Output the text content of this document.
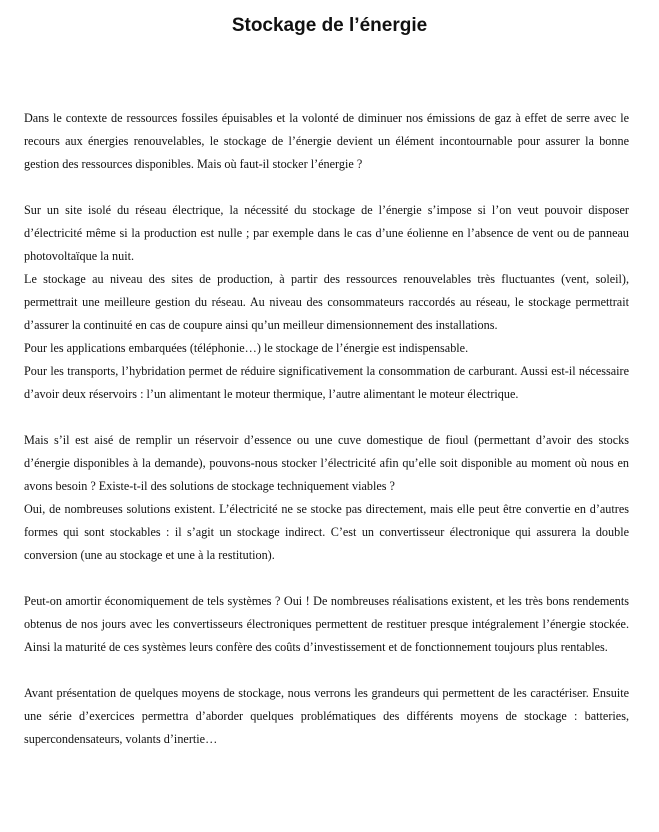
Stockage de l’énergie

Dans le contexte de ressources fossiles épuisables et la volonté de diminuer nos émissions de gaz à effet de serre avec le recours aux énergies renouvelables, le stockage de l’énergie devient un élément incontournable pour assurer la bonne gestion des ressources disponibles. Mais où faut-il stocker l’énergie ?

Sur un site isolé du réseau électrique, la nécessité du stockage de l’énergie s’impose si l’on veut pouvoir disposer d’électricité même si la production est nulle ; par exemple dans le cas d’une éolienne en l’absence de vent ou de panneau photovoltaïque la nuit.

Le stockage au niveau des sites de production, à partir des ressources renouvelables très fluctuantes (vent, soleil), permettrait une meilleure gestion du réseau. Au niveau des consommateurs raccordés au réseau, le stockage permettrait d’assurer la continuité en cas de coupure ainsi qu’un meilleur dimensionnement des installations.

Pour les applications embarquées (téléphonie…) le stockage de l’énergie est indispensable.

Pour les transports, l’hybridation permet de réduire significativement la consommation de carburant. Aussi est-il nécessaire d’avoir deux réservoirs : l’un alimentant le moteur thermique, l’autre alimentant le moteur électrique.

Mais s’il est aisé de remplir un réservoir d’essence ou une cuve domestique de fioul (permettant d’avoir des stocks d’énergie disponibles à la demande), pouvons-nous stocker l’électricité afin qu’elle soit disponible au moment où nous en avons besoin ? Existe-t-il des solutions de stockage techniquement viables ?

Oui, de nombreuses solutions existent. L’électricité ne se stocke pas directement, mais elle peut être convertie en d’autres formes qui sont stockables : il s’agit un stockage indirect. C’est un convertisseur électronique qui assurera la double conversion (une au stockage et une à la restitution).

Peut-on amortir économiquement de tels systèmes ? Oui ! De nombreuses réalisations existent, et les très bons rendements obtenus de nos jours avec les convertisseurs électroniques permettent de restituer presque intégralement l’énergie stockée. Ainsi la maturité de ces systèmes leurs confère des coûts d’investissement et de fonctionnement toujours plus rentables.

Avant présentation de quelques moyens de stockage, nous verrons les grandeurs qui permettent de les caractériser. Ensuite une série d’exercices permettra d’aborder quelques problématiques des différents moyens de stockage : batteries, supercondensateurs, volants d’inertie…
